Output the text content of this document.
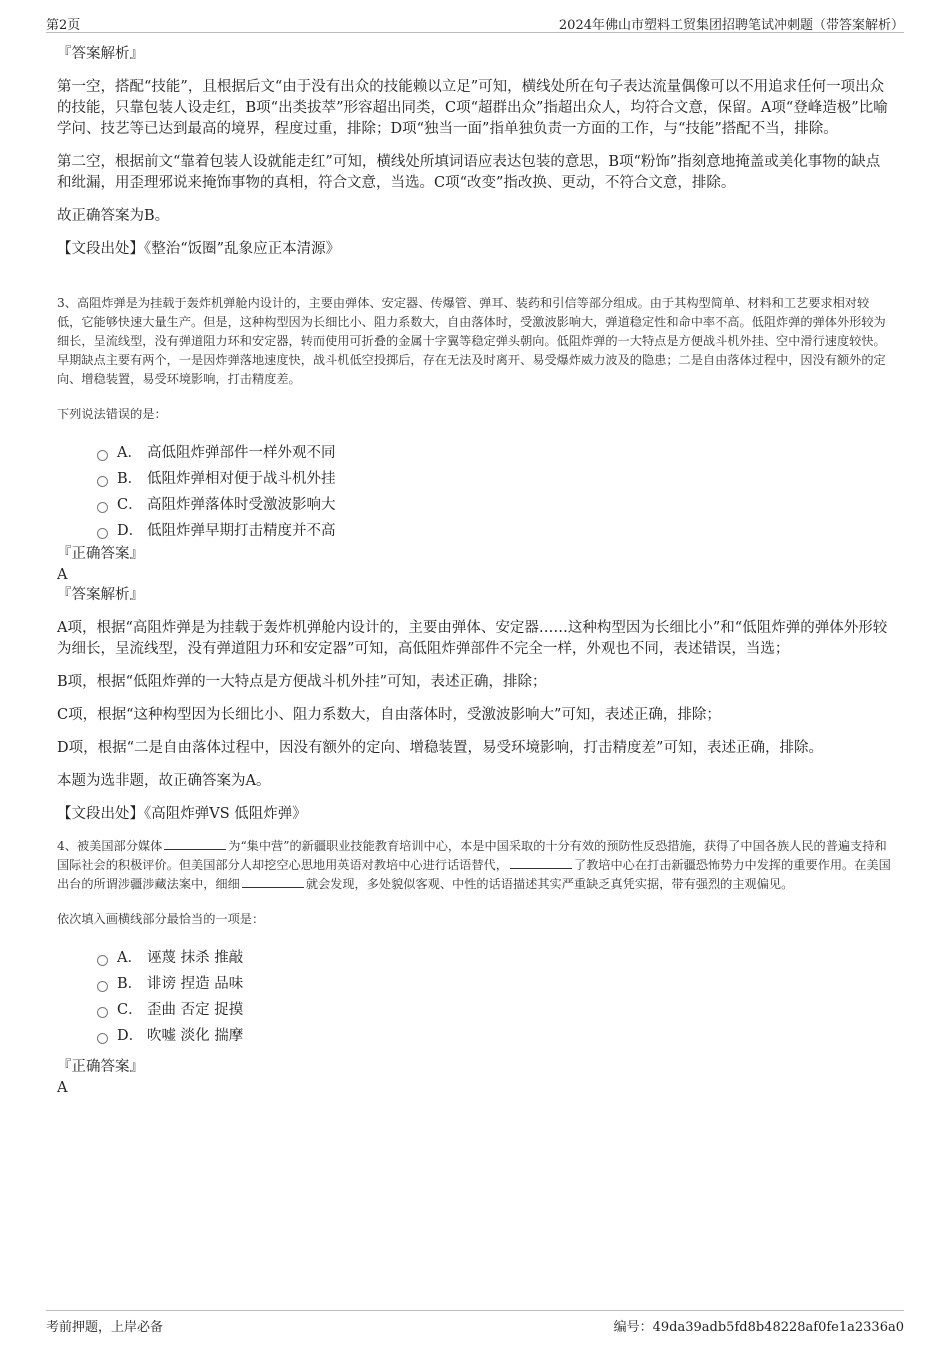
第2页	2024年佛山市塑料工贸集团招聘笔试冲刺题（带答案解析）

『答案解析』

第一空，搭配“技能”，且根据后文“由于没有出众的技能赖以立足”可知，横线处所在句子表达流量偶像可以不用追求任何一项出众的技能，只靠包装人设走红，B项“出类拔萃”形容超出同类，C项“超群出众”指超出众人，均符合文意，保留。A项“登峰造极”比喻学问、技艺等已达到最高的境界，程度过重，排除；D项“独当一面”指单独负责一方面的工作，与“技能”搭配不当，排除。

第二空，根据前文“靠着包装人设就能走红”可知，横线处所填词语应表达包装的意思，B项“粉饰”指刻意地掩盖或美化事物的缺点和纰漏，用歪理邪说来掩饰事物的真相，符合文意，当选。C项“改变”指改换、更动，不符合文意，排除。

故正确答案为B。

【文段出处】《整治“饭圈”乱象应正本清源》

3、高阻炸弹是为挂载于轰炸机弹舱内设计的，主要由弹体、安定器、传爆管、弹耳、装药和引信等部分组成。由于其构型简单、材料和工艺要求相对较低，它能够快速大量生产。但是，这种构型因为长细比小、阻力系数大，自由落体时，受激波影响大，弹道稳定性和命中率不高。低阻炸弹的弹体外形较为细长，呈流线型，没有弹道阻力环和安定器，转而使用可折叠的金属十字翼等稳定弹头朝向。低阻炸弹的一大特点是方便战斗机外挂、空中滑行速度较快。早期缺点主要有两个，一是因炸弹落地速度快，战斗机低空投掷后，存在无法及时离开、易受爆炸威力波及的隐患；二是自由落体过程中，因没有额外的定向、增稳装置，易受环境影响，打击精度差。

下列说法错误的是：

A． 高低阻炸弹部件一样外观不同
B． 低阻炸弹相对便于战斗机外挂
C． 高阻炸弹落体时受激波影响大
D． 低阻炸弹早期打击精度并不高

『正确答案』

A

『答案解析』

A项，根据“高阻炸弹是为挂载于轰炸机弹舱内设计的，主要由弹体、安定器……这种构型因为长细比小”和“低阻炸弹的弹体外形较为细长，呈流线型，没有弹道阻力环和安定器”可知，高低阻炸弹部件不完全一样，外观也不同，表述错误，当选；

B项，根据“低阻炸弹的一大特点是方便战斗机外挂”可知，表述正确，排除；

C项，根据“这种构型因为长细比小、阻力系数大，自由落体时，受激波影响大”可知，表述正确，排除；

D项，根据“二是自由落体过程中，因没有额外的定向、增稳装置，易受环境影响，打击精度差”可知，表述正确，排除。

本题为选非题，故正确答案为A。

【文段出处】《高阻炸弹VS 低阻炸弹》

4、被美国部分媒体	为“集中营”的新疆职业技能教育培训中心，本是中国采取的十分有效的预防性反恐措施，获得了中国各族人民的普遍支持和国际社会的积极评价。但美国部分人却挖空心思地用英语对教培中心进行话语替代，	了教培中心在打击新疆恐怖势力中发挥的重要作用。在美国出台的所谓涉疆涉藏法案中，细细	就会发现，多处貌似客观、中性的话语描述其实严重缺乏真凭实据，带有强烈的主观偏见。

依次填入画横线部分最恰当的一项是：

A． 诬蔑 抹杀 推敲
B． 诽谤 捏造 品味
C． 歪曲 否定 捉摸
D． 吹嘘 淡化 揣摩

『正确答案』

A

考前押题，上岸必备	编号：49da39adb5fd8b48228af0fe1a2336a0
